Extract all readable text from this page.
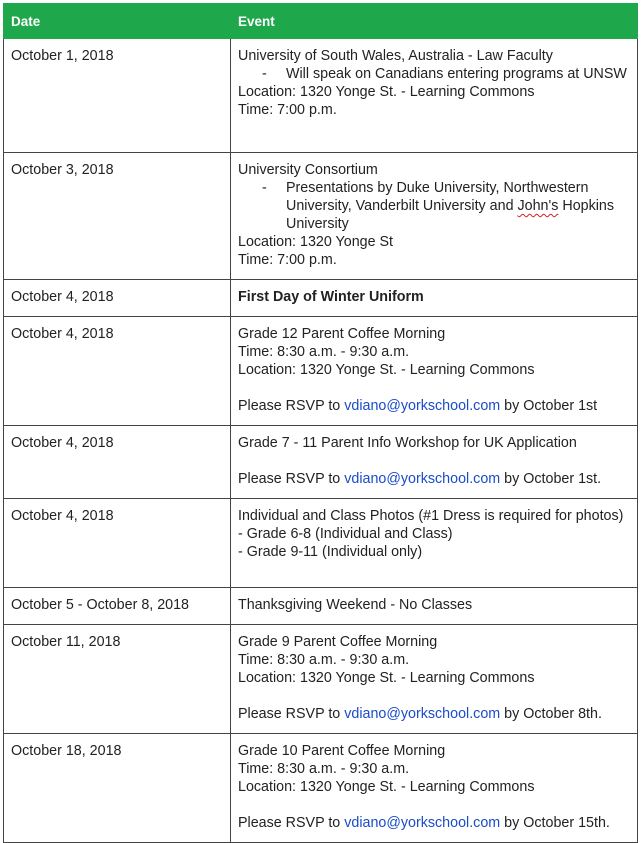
Date	Event
October 1, 2018	University of South Wales, Australia - Law Faculty
- Will speak on Canadians entering programs at UNSW
Location: 1320 Yonge St. - Learning Commons
Time: 7:00 p.m.

October 3, 2018	University Consortium
- Presentations by Duke University, Northwestern University, Vanderbilt University and John's Hopkins University
Location: 1320 Yonge St
Time: 7:00 p.m.

October 4, 2018	First Day of Winter Uniform

October 4, 2018	Grade 12 Parent Coffee Morning
Time: 8:30 a.m. - 9:30 a.m.
Location: 1320 Yonge St. - Learning Commons
Please RSVP to vdiano@yorkschool.com by October 1st

October 4, 2018	Grade 7 - 11 Parent Info Workshop for UK Application
Please RSVP to vdiano@yorkschool.com by October 1st.

October 4, 2018	Individual and Class Photos (#1 Dress is required for photos)
- Grade 6-8 (Individual and Class)
- Grade 9-11 (Individual only)

October 5 - October 8, 2018	Thanksgiving Weekend - No Classes

October 11, 2018	Grade 9 Parent Coffee Morning
Time: 8:30 a.m. - 9:30 a.m.
Location: 1320 Yonge St. - Learning Commons
Please RSVP to vdiano@yorkschool.com by October 8th.

October 18, 2018	Grade 10 Parent Coffee Morning
Time: 8:30 a.m. - 9:30 a.m.
Location: 1320 Yonge St. - Learning Commons
Please RSVP to vdiano@yorkschool.com by October 15th.
